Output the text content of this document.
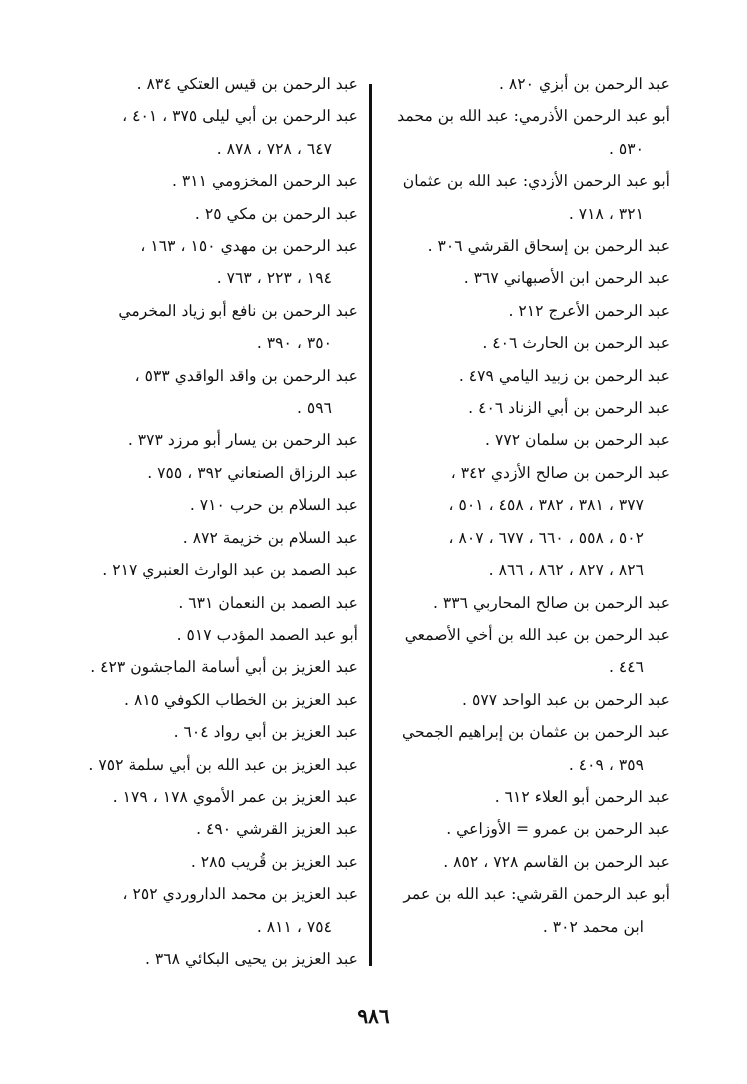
عبد الرحمن بن أبزي ٨٢٠ .
أبو عبد الرحمن الأذرمي: عبد الله بن محمد
٥٣٠ .
أبو عبد الرحمن الأزدي: عبد الله بن عثمان
٣٢١ ، ٧١٨ .
عبد الرحمن بن إسحاق القرشي ٣٠٦ .
عبد الرحمن ابن الأصبهاني ٣٦٧ .
عبد الرحمن الأعرج ٢١٢ .
عبد الرحمن بن الحارث ٤٠٦ .
عبد الرحمن بن زبيد اليامي ٤٧٩ .
عبد الرحمن بن أبي الزناد ٤٠٦ .
عبد الرحمن بن سلمان ٧٧٢ .
عبد الرحمن بن صالح الأزدي ٣٤٢ ،
٣٧٧ ، ٣٨١ ، ٣٨٢ ، ٤٥٨ ، ٥٠١ ،
٥٠٢ ، ٥٥٨ ، ٦٦٠ ، ٦٧٧ ، ٨٠٧ ،
٨٢٦ ، ٨٢٧ ، ٨٦٢ ، ٨٦٦ .
عبد الرحمن بن صالح المحاربي ٣٣٦ .
عبد الرحمن بن عبد الله بن أخي الأصمعي
٤٤٦ .
عبد الرحمن بن عبد الواحد ٥٧٧ .
عبد الرحمن بن عثمان بن إبراهيم الجمحي
٣٥٩ ، ٤٠٩ .
عبد الرحمن أبو العلاء ٦١٢ .
عبد الرحمن بن عمرو = الأوزاعي .
عبد الرحمن بن القاسم ٧٢٨ ، ٨٥٢ .
أبو عبد الرحمن القرشي: عبد الله بن عمر
ابن محمد ٣٠٢ .
عبد الرحمن بن قيس العتكي ٨٣٤ .
عبد الرحمن بن أبي ليلى ٣٧٥ ، ٤٠١ ،
٦٤٧ ، ٧٢٨ ، ٨٧٨ .
عبد الرحمن المخزومي ٣١١ .
عبد الرحمن بن مكي ٢٥ .
عبد الرحمن بن مهدي ١٥٠ ، ١٦٣ ،
١٩٤ ، ٢٢٣ ، ٧٦٣ .
عبد الرحمن بن نافع أبو زياد المخرمي
٣٥٠ ، ٣٩٠ .
عبد الرحمن بن واقد الواقدي ٥٣٣ ،
٥٩٦ .
عبد الرحمن بن يسار أبو مرزد ٣٧٣ .
عبد الرزاق الصنعاني ٣٩٢ ، ٧٥٥ .
عبد السلام بن حرب ٧١٠ .
عبد السلام بن خزيمة ٨٧٢ .
عبد الصمد بن عبد الوارث العنبري ٢١٧ .
عبد الصمد بن النعمان ٦٣١ .
أبو عبد الصمد المؤدب ٥١٧ .
عبد العزيز بن أبي أسامة الماجشون ٤٢٣ .
عبد العزيز بن الخطاب الكوفي ٨١٥ .
عبد العزيز بن أبي رواد ٦٠٤ .
عبد العزيز بن عبد الله بن أبي سلمة ٧٥٢ .
عبد العزيز بن عمر الأموي ١٧٨ ، ١٧٩ .
عبد العزيز القرشي ٤٩٠ .
عبد العزيز بن قُريب ٢٨٥ .
عبد العزيز بن محمد الداروردي ٢٥٢ ،
٧٥٤ ، ٨١١ .
عبد العزيز بن يحيى البكائي ٣٦٨ .
٩٨٦
